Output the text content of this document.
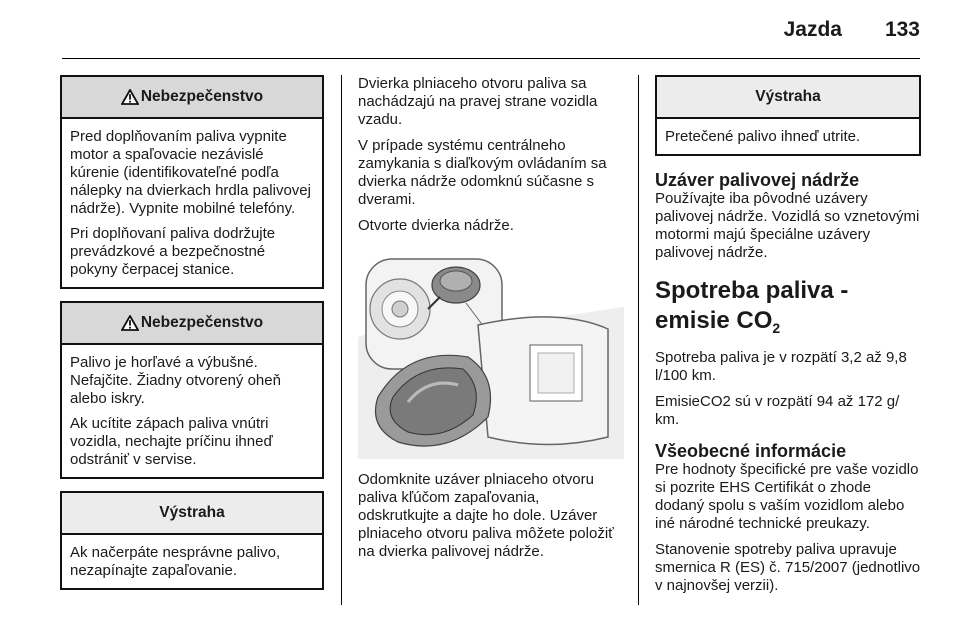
Jazda 133
Nebezpečenstvo

Pred doplňovaním paliva vypnite motor a spaľovacie nezávislé kúrenie (identifikovateľné podľa nálepky na dvierkach hrdla palivovej nádrže). Vypnite mobilné telefóny.

Pri doplňovaní paliva dodržujte prevádzkové a bezpečnostné pokyny čerpacej stanice.

Nebezpečenstvo

Palivo je horľavé a výbušné. Nefajčite. Žiadny otvorený oheň alebo iskry.

Ak ucítite zápach paliva vnútri vozidla, nechajte príčinu ihneď odstrániť v servise.

Výstraha

Ak načerpáte nesprávne palivo, nezapínajte zapaľovanie.

Dvierka plniaceho otvoru paliva sa nachádzajú na pravej strane vozidla vzadu.

V prípade systému centrálneho zamykania s diaľkovým ovládaním sa dvierka nádrže odomknú súčasne s dverami.

Otvorte dvierka nádrže.

Odomknite uzáver plniaceho otvoru paliva kľúčom zapaľovania, odskrutkujte a dajte ho dole. Uzáver plniaceho otvoru paliva môžete položiť na dvierka palivovej nádrže.

Výstraha

Pretečené palivo ihneď utrite.

Uzáver palivovej nádrže

Používajte iba pôvodné uzávery palivovej nádrže. Vozidlá so vznetovými motormi majú špeciálne uzávery palivovej nádrže.

Spotreba paliva - emisie $CO_2$

Spotreba paliva je v rozpätí 3,2 až 9,8 l/100 km.

EmisieCO2 sú v rozpätí 94 až 172 g/ km.

Všeobecné informácie

Pre hodnoty špecifické pre vaše vozidlo si pozrite EHS Certifikát o zhode dodaný spolu s vaším vozidlom alebo iné národné technické preukazy.

Stanovenie spotreby paliva upravuje smernica R (ES) č. 715/2007 (jednotlivo v najnovšej verzii).
